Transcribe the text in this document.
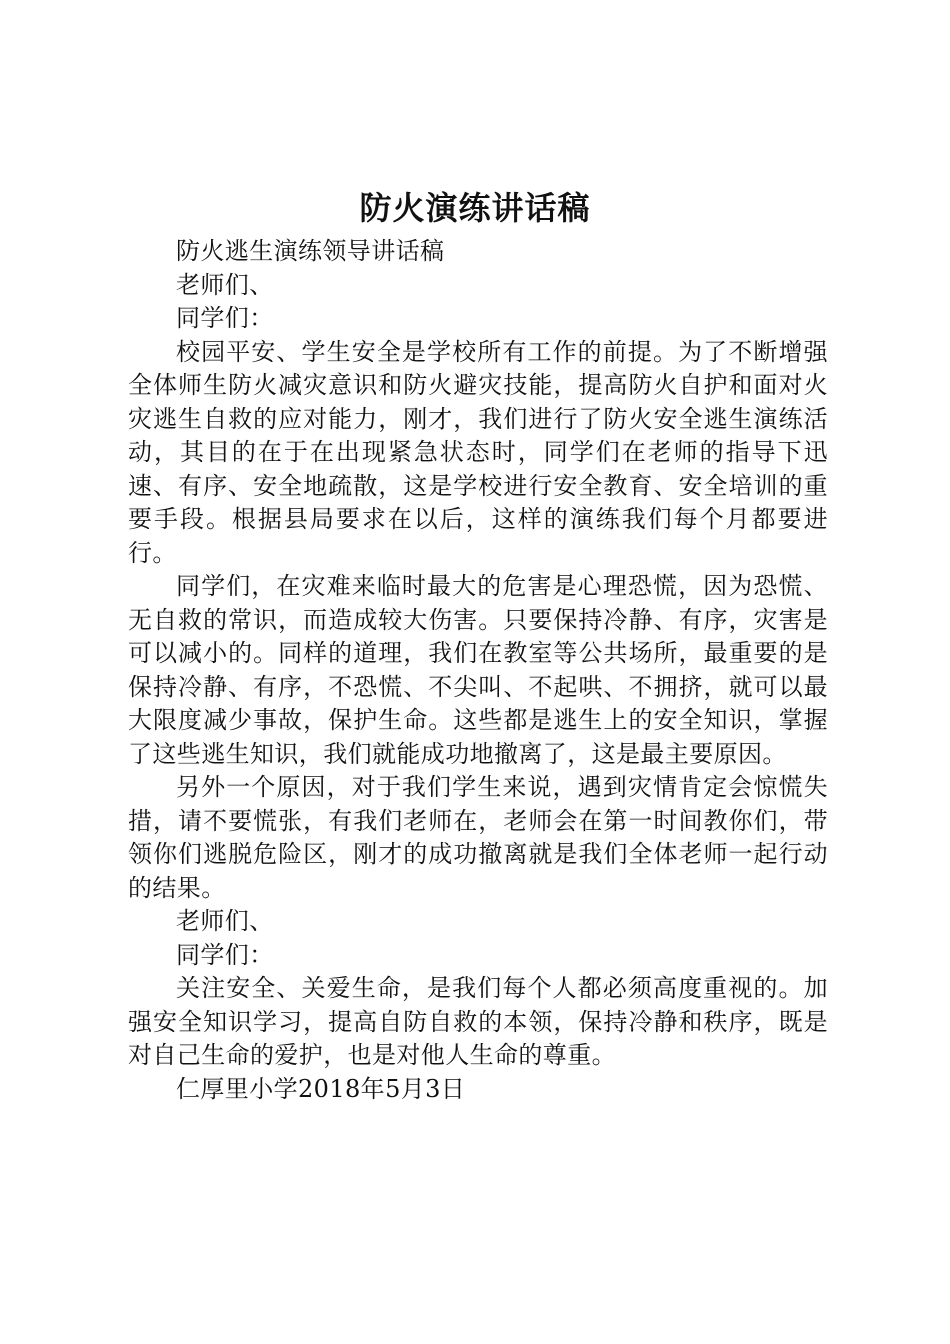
防火演练讲话稿

防火逃生演练领导讲话稿

老师们、

同学们：

校园平安、学生安全是学校所有工作的前提。为了不断增强全体师生防火减灾意识和防火避灾技能，提高防火自护和面对火灾逃生自救的应对能力，刚才，我们进行了防火安全逃生演练活动，其目的在于在出现紧急状态时，同学们在老师的指导下迅速、有序、安全地疏散，这是学校进行安全教育、安全培训的重要手段。根据县局要求在以后，这样的演练我们每个月都要进行。

同学们，在灾难来临时最大的危害是心理恐慌，因为恐慌、无自救的常识，而造成较大伤害。只要保持冷静、有序，灾害是可以减小的。同样的道理，我们在教室等公共场所，最重要的是保持冷静、有序，不恐慌、不尖叫、不起哄、不拥挤，就可以最大限度减少事故，保护生命。这些都是逃生上的安全知识，掌握了这些逃生知识，我们就能成功地撤离了，这是最主要原因。

另外一个原因，对于我们学生来说，遇到灾情肯定会惊慌失措，请不要慌张，有我们老师在，老师会在第一时间教你们，带领你们逃脱危险区，刚才的成功撤离就是我们全体老师一起行动的结果。

老师们、

同学们：

关注安全、关爱生命，是我们每个人都必须高度重视的。加强安全知识学习，提高自防自救的本领，保持冷静和秩序，既是对自己生命的爱护，也是对他人生命的尊重。

仁厚里小学2018年5月3日
